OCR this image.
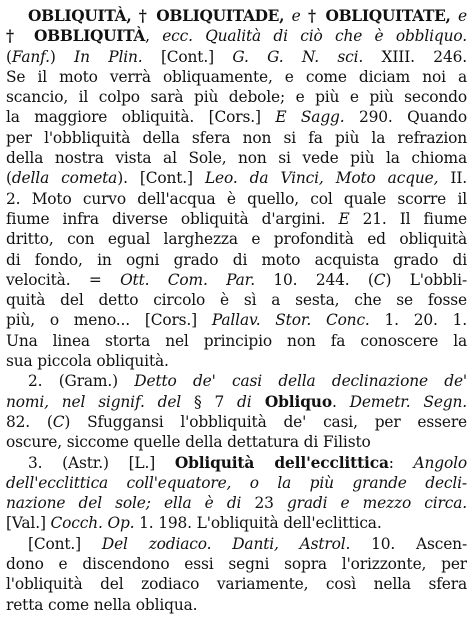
OBLIQUITÀ, † OBLIQUITADE, e † OBLIQUITATE, e
† OBBLIQUITÀ, ecc. Qualità di ciò che è obbliquo.
(Fanf.) In Plin. [Cont.] G. G. N. sci. XIII. 246.
Se il moto verrà obliquamente, e come diciam noi a
scancio, il colpo sarà più debole; e più e più secondo
la maggiore obliquità. [Cors.] E Sagg. 290. Quando
per l'obbliquità della sfera non si fa più la refrazion
della nostra vista al Sole, non si vede più la chioma
(della cometa). [Cont.] Leo. da Vinci, Moto acque, II.
2. Moto curvo dell'acqua è quello, col quale scorre il
fiume infra diverse obliquità d'argini. E 21. Il fiume
dritto, con egual larghezza e profondità ed obliquità
di fondo, in ogni grado di moto acquista grado di
velocità. = Ott. Com. Par. 10. 244. (C) L'obbli-
quità del detto circolo è sì a sesta, che se fosse
più, o meno... [Cors.] Pallav. Stor. Conc. 1. 20. 1.
Una linea storta nel principio non fa conoscere la
sua piccola obliquità.
2. (Gram.) Detto de' casi della declinazione de'
nomi, nel signif. del § 7 di Obliquo. Demetr. Segn.
82. (C) Sfuggansi l'obbliquità de' casi, per essere
oscure, siccome quelle della dettatura di Filisto
3. (Astr.) [L.] Obliquità dell'ecclittica: Angolo
dell'ecclittica coll'equatore, o la più grande decli-
nazione del sole; ella è di 23 gradi e mezzo circa.
[Val.] Cocch. Op. 1. 198. L'obliquità dell'eclittica.
[Cont.] Del zodiaco. Danti, Astrol. 10. Ascen-
dono e discendono essi segni sopra l'orizzonte, per
l'obliquità del zodiaco variamente, così nella sfera
retta come nella obliqua.
